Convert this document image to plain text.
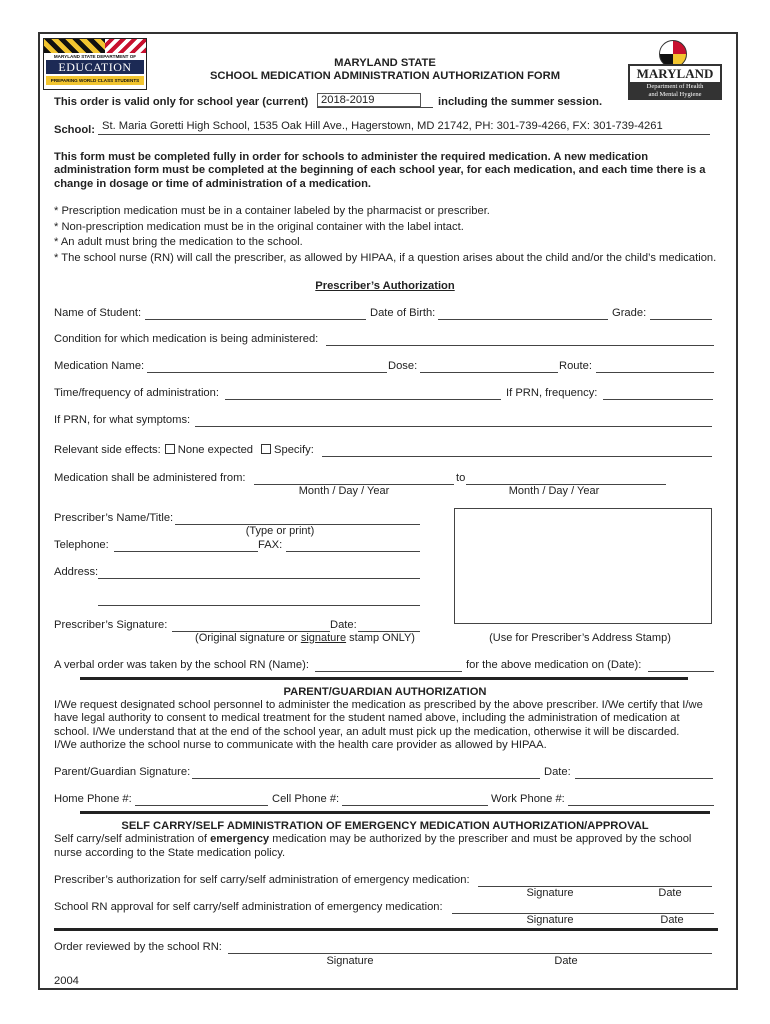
MARYLAND STATE DEPARTMENT OF
EDUCATION
PREPARING WORLD CLASS STUDENTS	MARYLAND
Department of Health
and Mental Hygiene
MARYLAND STATE
SCHOOL MEDICATION ADMINISTRATION AUTHORIZATION FORM
This order is valid only for school year (current) 2018-2019	including the summer session.
School: St. Maria Goretti High School, 1535 Oak Hill Ave., Hagerstown, MD 21742, PH: 301-739-4266, FX: 301-739-4261
This form must be completed fully in order for schools to administer the required medication. A new medication
administration form must be completed at the beginning of each school year, for each medication, and each time there is a
change in dosage or time of administration of a medication.
* Prescription medication must be in a container labeled by the pharmacist or prescriber.
* Non-prescription medication must be in the original container with the label intact.
* An adult must bring the medication to the school.
* The school nurse (RN) will call the prescriber, as allowed by HIPAA, if a question arises about the child and/or the child’s medication.
Prescriber’s Authorization
Name of Student:	Date of Birth:	Grade:
Condition for which medication is being administered:
Medication Name:	Dose:	Route:
Time/frequency of administration:	If PRN, frequency:
If PRN, for what symptoms:
Relevant side effects: None expected Specify:
Medication shall be administered from:	to
Month / Day / Year	Month / Day / Year
Prescriber’s Name/Title:
(Type or print)
Telephone:	FAX:
Address:
Prescriber’s Signature:	Date:
(Original signature or signature stamp ONLY)	(Use for Prescriber’s Address Stamp)
A verbal order was taken by the school RN (Name):	for the above medication on (Date):
PARENT/GUARDIAN AUTHORIZATION
I/We request designated school personnel to administer the medication as prescribed by the above prescriber. I/We certify that I/we
have legal authority to consent to medical treatment for the student named above, including the administration of medication at
school. I/We understand that at the end of the school year, an adult must pick up the medication, otherwise it will be discarded.
I/We authorize the school nurse to communicate with the health care provider as allowed by HIPAA.
Parent/Guardian Signature:	Date:
Home Phone #:	Cell Phone #:	Work Phone #:
SELF CARRY/SELF ADMINISTRATION OF EMERGENCY MEDICATION AUTHORIZATION/APPROVAL
Self carry/self administration of emergency medication may be authorized by the prescriber and must be approved by the school
nurse according to the State medication policy.
Prescriber’s authorization for self carry/self administration of emergency medication:
Signature	Date
School RN approval for self carry/self administration of emergency medication:
Signature	Date
Order reviewed by the school RN:
Signature	Date
2004
